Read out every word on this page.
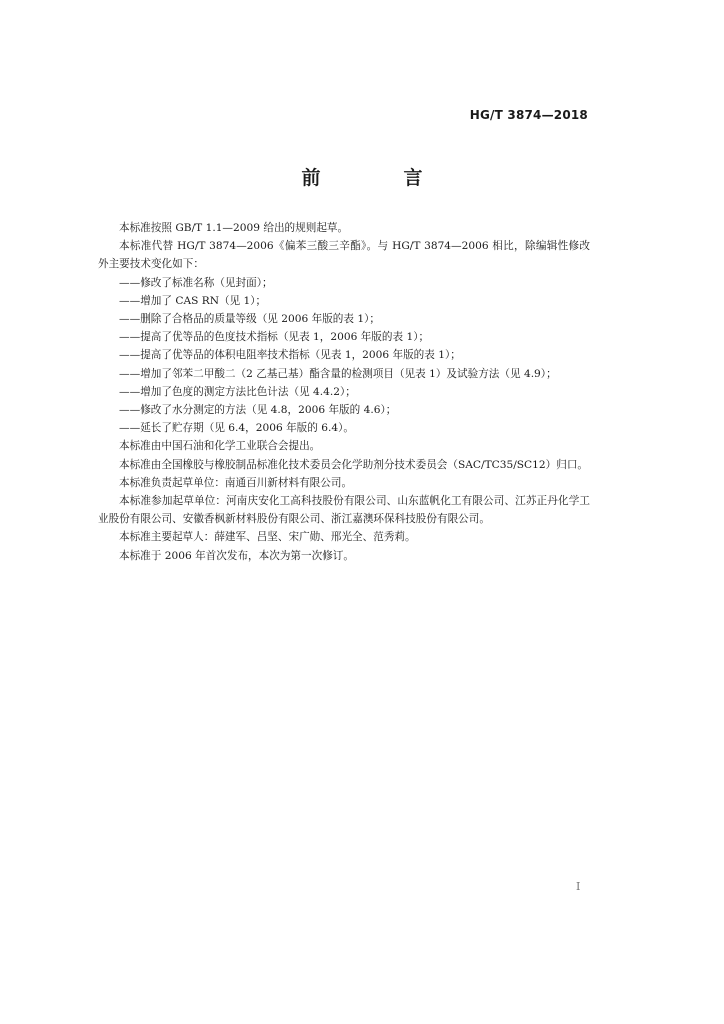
HG/T 3874—2018
前　言

本标准按照 GB/T 1.1—2009 给出的规则起草。

本标准代替 HG/T 3874—2006《偏苯三酸三辛酯》。与 HG/T 3874—2006 相比，除编辑性修改外主要技术变化如下：

——修改了标准名称（见封面）；

——增加了 CAS RN（见 1）；

——删除了合格品的质量等级（见 2006 年版的表 1）；

——提高了优等品的色度技术指标（见表 1，2006 年版的表 1）；

——提高了优等品的体积电阻率技术指标（见表 1，2006 年版的表 1）；

——增加了邻苯二甲酸二（2 乙基己基）酯含量的检测项目（见表 1）及试验方法（见 4.9）；

——增加了色度的测定方法比色计法（见 4.4.2）；

——修改了水分测定的方法（见 4.8，2006 年版的 4.6）；

——延长了贮存期（见 6.4，2006 年版的 6.4）。

本标准由中国石油和化学工业联合会提出。

本标准由全国橡胶与橡胶制品标准化技术委员会化学助剂分技术委员会（SAC/TC35/SC12）归口。

本标准负责起草单位：南通百川新材料有限公司。

本标准参加起草单位：河南庆安化工高科技股份有限公司、山东蓝帆化工有限公司、江苏正丹化学工业股份有限公司、安徽香枫新材料股份有限公司、浙江嘉澳环保科技股份有限公司。

本标准主要起草人：薛建军、吕坚、宋广勋、邢光全、范秀莉。

本标准于 2006 年首次发布，本次为第一次修订。

I
